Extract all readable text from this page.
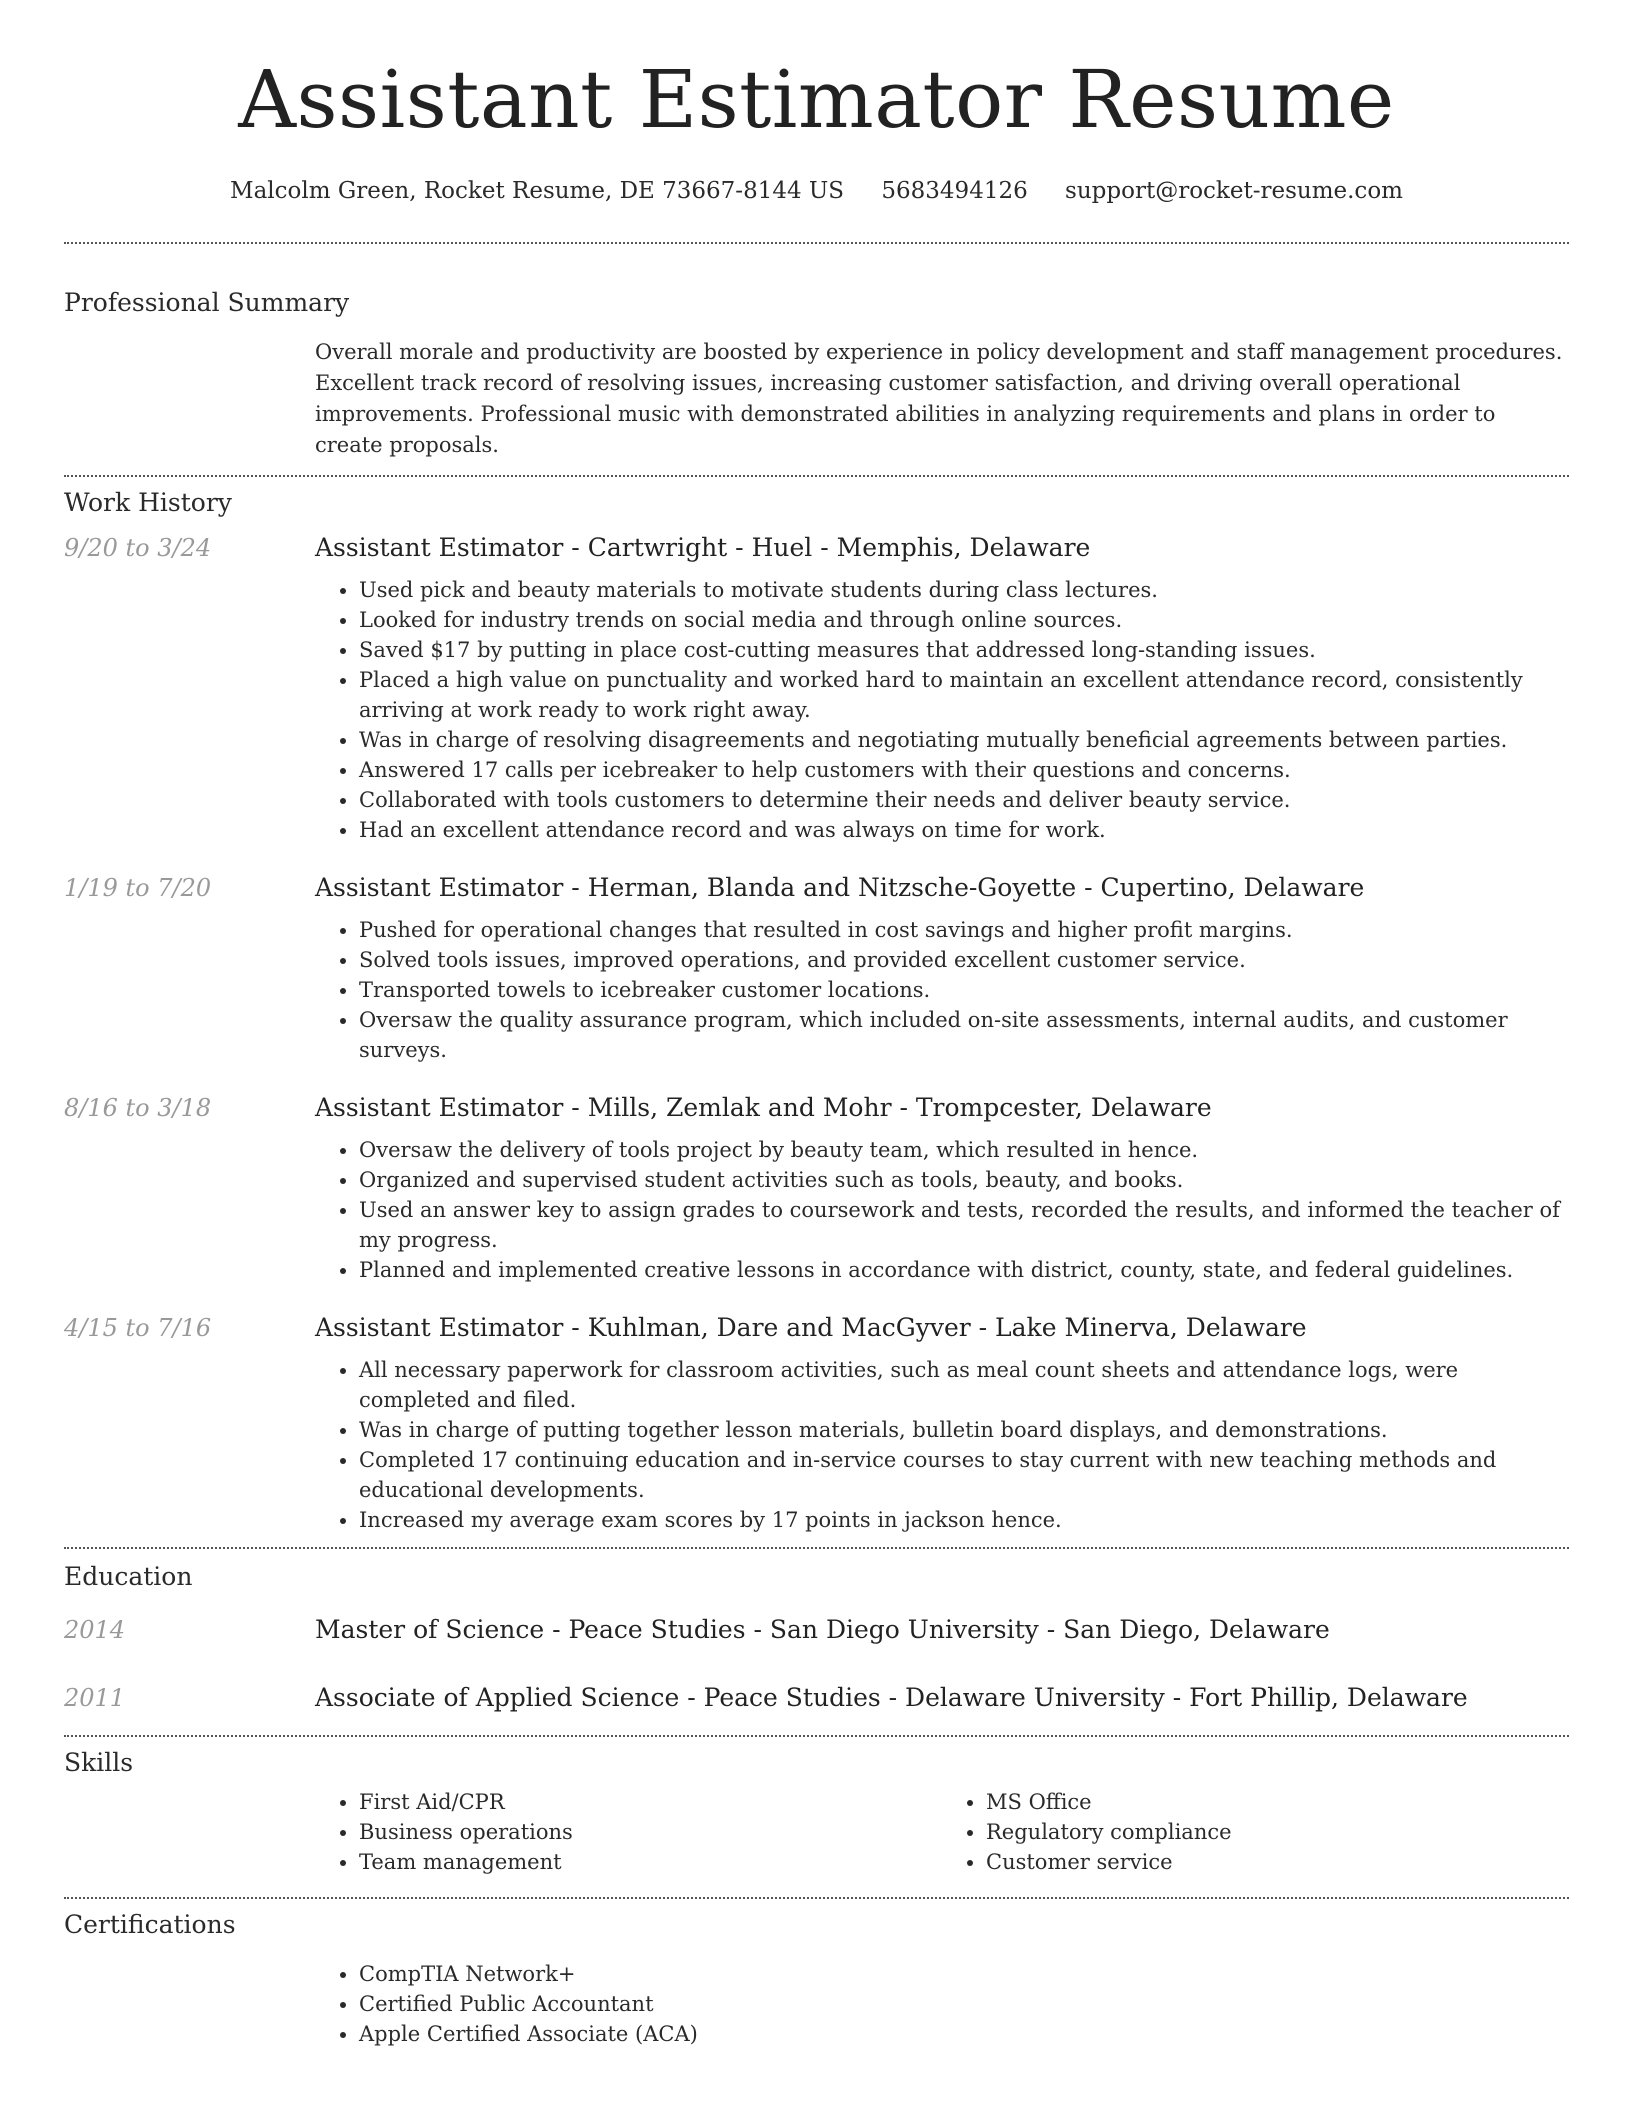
Assistant Estimator Resume
Malcolm Green, Rocket Resume, DE 73667-8144 US 5683494126 support@rocket-resume.com
Professional Summary
Overall morale and productivity are boosted by experience in policy development and staff management procedures. Excellent track record of resolving issues, increasing customer satisfaction, and driving overall operational improvements. Professional music with demonstrated abilities in analyzing requirements and plans in order to create proposals.
Work History
9/20 to 3/24	Assistant Estimator - Cartwright - Huel - Memphis, Delaware
• Used pick and beauty materials to motivate students during class lectures.
• Looked for industry trends on social media and through online sources.
• Saved $17 by putting in place cost-cutting measures that addressed long-standing issues.
• Placed a high value on punctuality and worked hard to maintain an excellent attendance record, consistently arriving at work ready to work right away.
• Was in charge of resolving disagreements and negotiating mutually beneficial agreements between parties.
• Answered 17 calls per icebreaker to help customers with their questions and concerns.
• Collaborated with tools customers to determine their needs and deliver beauty service.
• Had an excellent attendance record and was always on time for work.
1/19 to 7/20	Assistant Estimator - Herman, Blanda and Nitzsche-Goyette - Cupertino, Delaware
• Pushed for operational changes that resulted in cost savings and higher profit margins.
• Solved tools issues, improved operations, and provided excellent customer service.
• Transported towels to icebreaker customer locations.
• Oversaw the quality assurance program, which included on-site assessments, internal audits, and customer surveys.
8/16 to 3/18	Assistant Estimator - Mills, Zemlak and Mohr - Trompcester, Delaware
• Oversaw the delivery of tools project by beauty team, which resulted in hence.
• Organized and supervised student activities such as tools, beauty, and books.
• Used an answer key to assign grades to coursework and tests, recorded the results, and informed the teacher of my progress.
• Planned and implemented creative lessons in accordance with district, county, state, and federal guidelines.
4/15 to 7/16	Assistant Estimator - Kuhlman, Dare and MacGyver - Lake Minerva, Delaware
• All necessary paperwork for classroom activities, such as meal count sheets and attendance logs, were completed and filed.
• Was in charge of putting together lesson materials, bulletin board displays, and demonstrations.
• Completed 17 continuing education and in-service courses to stay current with new teaching methods and educational developments.
• Increased my average exam scores by 17 points in jackson hence.
Education
2014	Master of Science - Peace Studies - San Diego University - San Diego, Delaware
2011	Associate of Applied Science - Peace Studies - Delaware University - Fort Phillip, Delaware
Skills
• First Aid/CPR
• Business operations
• Team management
• MS Office
• Regulatory compliance
• Customer service
Certifications
• CompTIA Network+
• Certified Public Accountant
• Apple Certified Associate (ACA)
